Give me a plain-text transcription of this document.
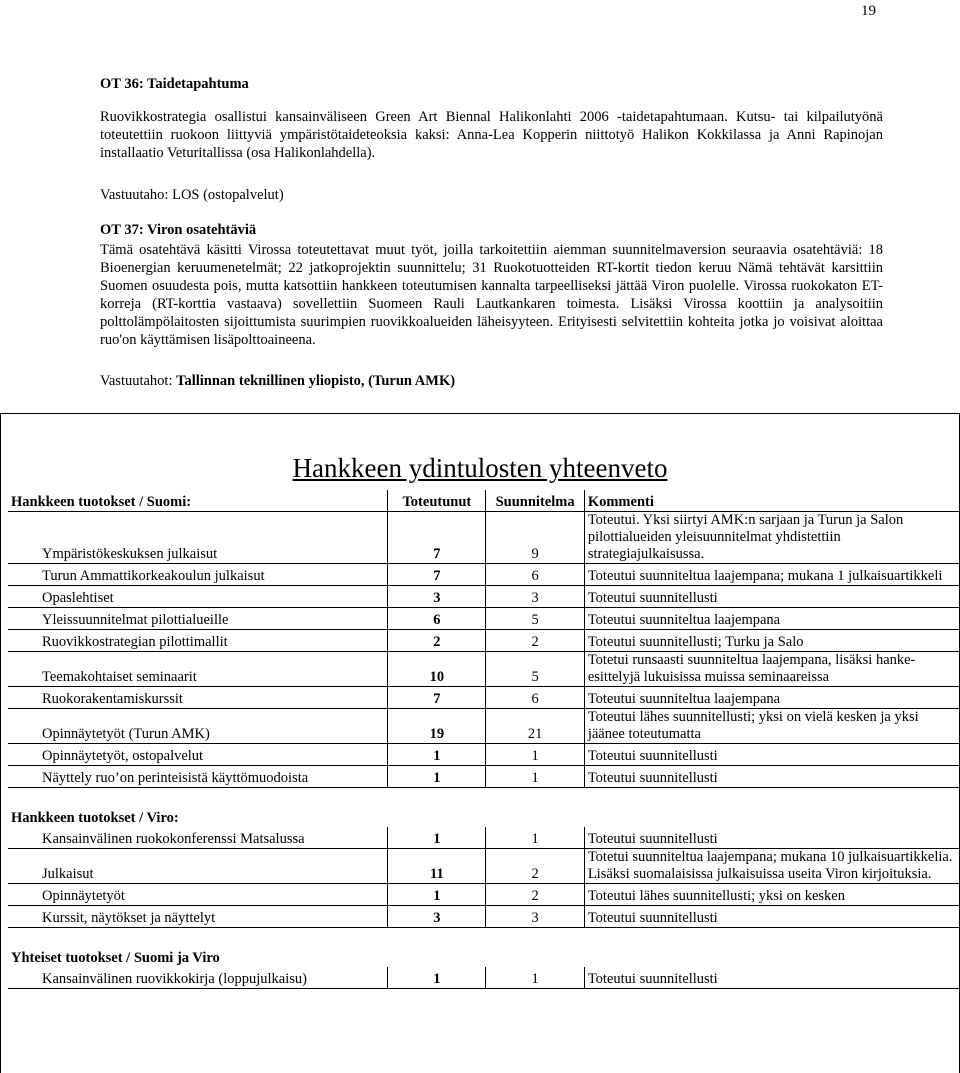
19
OT 36: Taidetapahtuma

Ruovikkostrategia osallistui kansainväliseen Green Art Biennal Halikonlahti 2006 -taidetapahtumaan. Kutsu- tai kilpailutyönä toteutettiin ruokoon liittyviä ympäristötaideteoksia kaksi: Anna-Lea Kopperin niittotyö Halikon Kokkilassa ja Anni Rapinojan installaatio Veturitallissa (osa Halikonlahdella).

Vastuutaho: LOS (ostopalvelut)
OT 37: Viron osatehtäviä

Tämä osatehtävä käsitti Virossa toteutettavat muut työt, joilla tarkoitettiin aiemman suunnitelmaversion seuraavia osatehtäviä: 18 Bioenergian keruumenetelmät; 22 jatkoprojektin suunnittelu; 31 Ruokotuotteiden RT-kortit tiedon keruu Nämä tehtävät karsittiin Suomen osuudesta pois, mutta katsottiin hankkeen toteutumisen kannalta tarpeelliseksi jättää Viron puolelle. Virossa ruokokaton ET-korreja (RT-korttia vastaava) sovellettiin Suomeen Rauli Lautkankaren toimesta. Lisäksi Virossa koottiin ja analysoitiin polttolämpölaitosten sijoittumista suurimpien ruovikkoalueiden läheisyyteen. Erityisesti selvitettiin kohteita jotka jo voisivat aloittaa ruo'on käyttämisen lisäpolttoaineena.

Vastuutahot: Tallinnan teknillinen yliopisto, (Turun AMK)
Hankkeen ydintulosten yhteenveto
Hankkeen tuotokset / Suomi:	Toteutunut	Suunnitelma	Kommenti
Ympäristökeskuksen julkaisut	7	9	Toteutui. Yksi siirtyi AMK:n sarjaan ja Turun ja Salon pilottialueiden yleisuunnitelmat yhdistettiin strategiajulkaisussa.
Turun Ammattikorkeakoulun julkaisut	7	6	Toteutui suunniteltua laajempana; mukana 1 julkaisuartikkeli
Opaslehtiset	3	3	Toteutui suunnitellusti
Yleissuunnitelmat pilottialueille	6	5	Toteutui suunniteltua laajempana
Ruovikkostrategian pilottimallit	2	2	Toteutui suunnitellusti; Turku ja Salo
Teemakohtaiset seminaarit	10	5	Totetui runsaasti suunniteltua laajempana, lisäksi hanke-esittelyjä lukuisissa muissa seminaareissa
Ruokorakentamiskurssit	7	6	Toteutui suunniteltua laajempana
Opinnäytetyöt (Turun AMK)	19	21	Toteutui lähes suunnitellusti; yksi on vielä kesken ja yksi jäänee toteutumatta
Opinnäytetyöt, ostopalvelut	1	1	Toteutui suunnitellusti
Näyttely ruo’on perinteisistä käyttömuodoista	1	1	Toteutui suunnitellusti
Hankkeen tuotokset / Viro:			
Kansainvälinen ruokokonferenssi Matsalussa	1	1	Toteutui suunnitellusti
Julkaisut	11	2	Totetui suunniteltua laajempana; mukana 10 julkaisuartikkelia. Lisäksi suomalaisissa julkaisuissa useita Viron kirjoituksia.
Opinnäytetyöt	1	2	Toteutui lähes suunnitellusti; yksi on kesken
Kurssit, näytökset ja näyttelyt	3	3	Toteutui suunnitellusti
Yhteiset tuotokset / Suomi ja Viro			
Kansainvälinen ruovikkokirja (loppujulkaisu)	1	1	Toteutui suunnitellusti
